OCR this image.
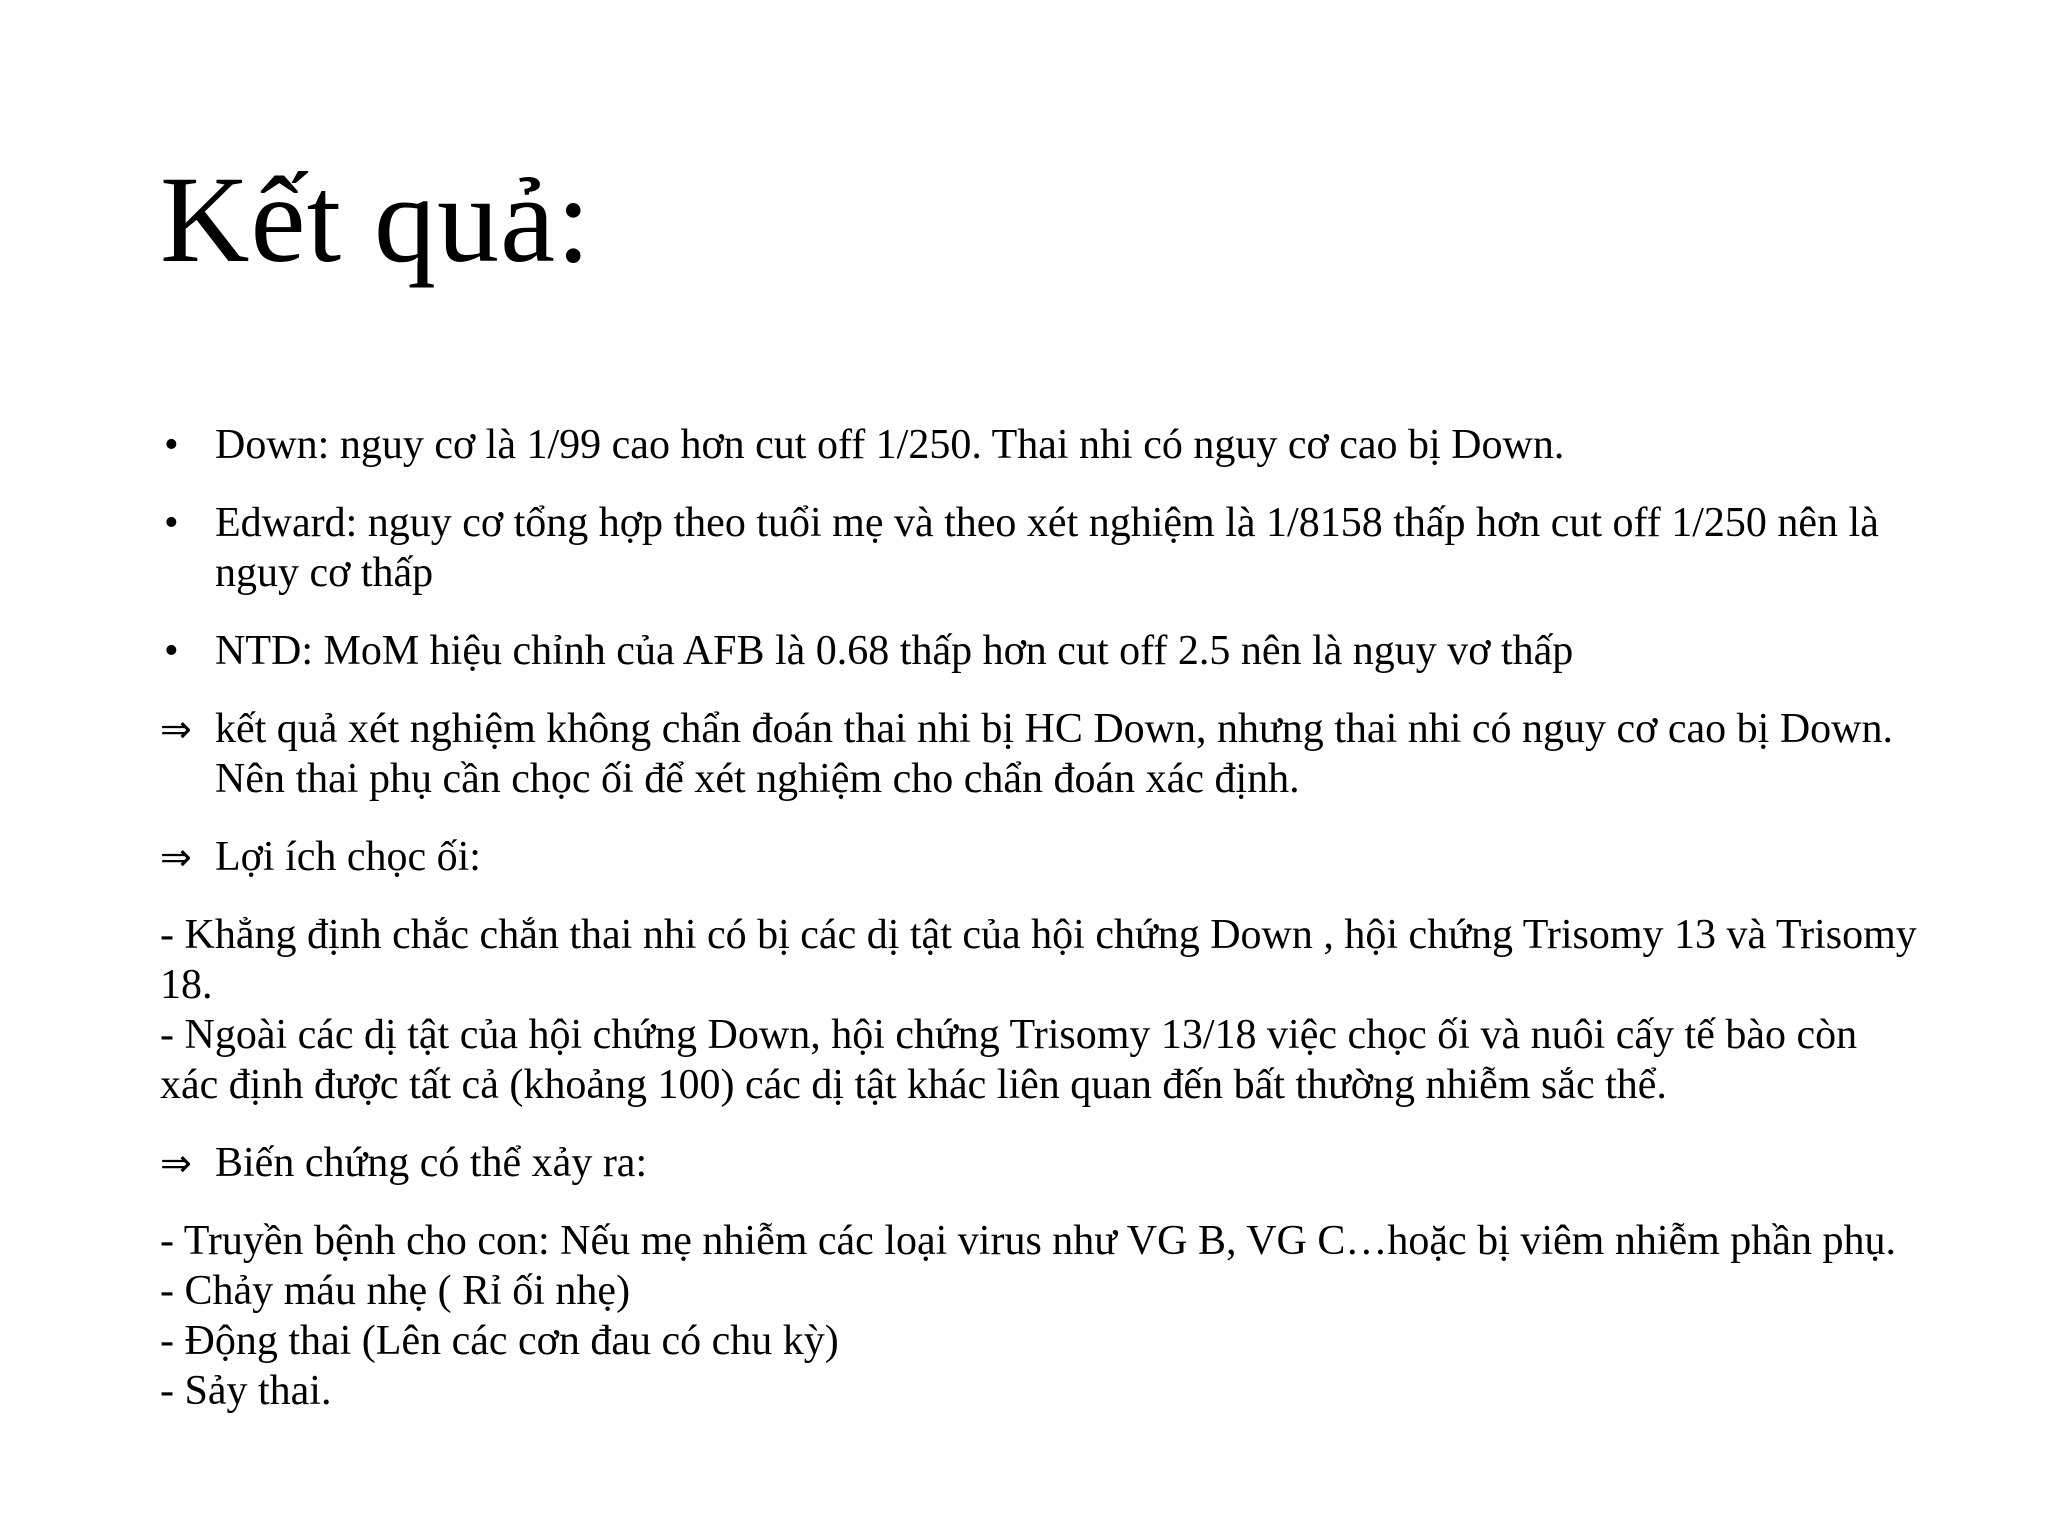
Kết quả:
• Down: nguy cơ là 1/99 cao hơn cut off 1/250. Thai nhi có nguy cơ cao bị Down.
• Edward: nguy cơ tổng hợp theo tuổi mẹ và theo xét nghiệm là 1/8158 thấp hơn cut off 1/250 nên là nguy cơ thấp
• NTD: MoM hiệu chỉnh của AFB là 0.68 thấp hơn cut off 2.5 nên là nguy vơ thấp
⇒ kết quả xét nghiệm không chẩn đoán thai nhi bị HC Down, nhưng thai nhi có nguy cơ cao bị Down. Nên thai phụ cần chọc ối để xét nghiệm cho chẩn đoán xác định.
⇒ Lợi ích chọc ối:

- Khẳng định chắc chắn thai nhi có bị các dị tật của hội chứng Down , hội chứng Trisomy 13 và Trisomy 18.

- Ngoài các dị tật của hội chứng Down, hội chứng Trisomy 13/18 việc chọc ối và nuôi cấy tế bào còn xác định được tất cả (khoảng 100) các dị tật khác liên quan đến bất thường nhiễm sắc thể.

⇒ Biến chứng có thể xảy ra:

- Truyền bệnh cho con: Nếu mẹ nhiễm các loại virus như VG B, VG C…hoặc bị viêm nhiễm phần phụ.

- Chảy máu nhẹ ( Rỉ ối nhẹ)

- Động thai (Lên các cơn đau có chu kỳ)

- Sảy thai.
